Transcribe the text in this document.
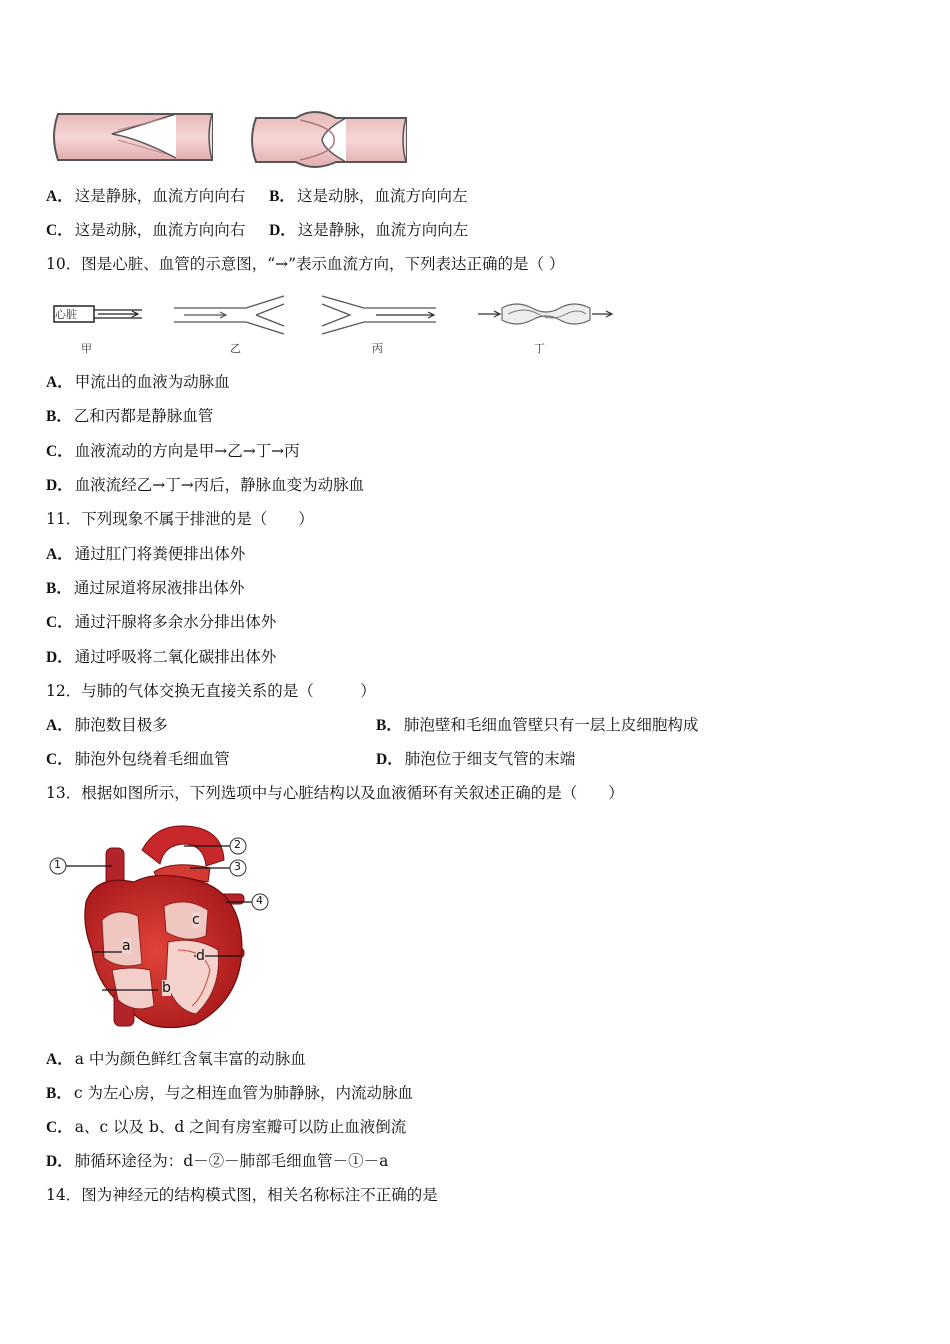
A． 这是静脉，血流方向向右 B． 这是动脉，血流方向向左
C． 这是动脉，血流方向向右 D． 这是静脉，血流方向向左
10．图是心脏、血管的示意图，“→”表示血流方向，下列表达正确的是（ ）
心脏
甲	乙	丙	丁
A． 甲流出的血液为动脉血
B． 乙和丙都是静脉血管
C． 血液流动的方向是甲→乙→丁→丙
D． 血液流经乙→丁→丙后，静脉血变为动脉血
11．下列现象不属于排泄的是（　　）
A． 通过肛门将粪便排出体外
B． 通过尿道将尿液排出体外
C． 通过汗腺将多余水分排出体外
D． 通过呼吸将二氧化碳排出体外
12．与肺的气体交换无直接关系的是（　　　）
A． 肺泡数目极多	B． 肺泡壁和毛细血管壁只有一层上皮细胞构成
C． 肺泡外包绕着毛细血管	D． 肺泡位于细支气管的末端
13．根据如图所示，下列选项中与心脏结构以及血液循环有关叙述正确的是（　　）
1
2
3
4
a
b
c
d
A． a 中为颜色鲜红含氧丰富的动脉血
B． c 为左心房，与之相连血管为肺静脉，内流动脉血
C． a、c 以及 b、d 之间有房室瓣可以防止血液倒流
D． 肺循环途径为：d－②－肺部毛细血管－①－a
14．图为神经元的结构模式图，相关名称标注不正确的是
